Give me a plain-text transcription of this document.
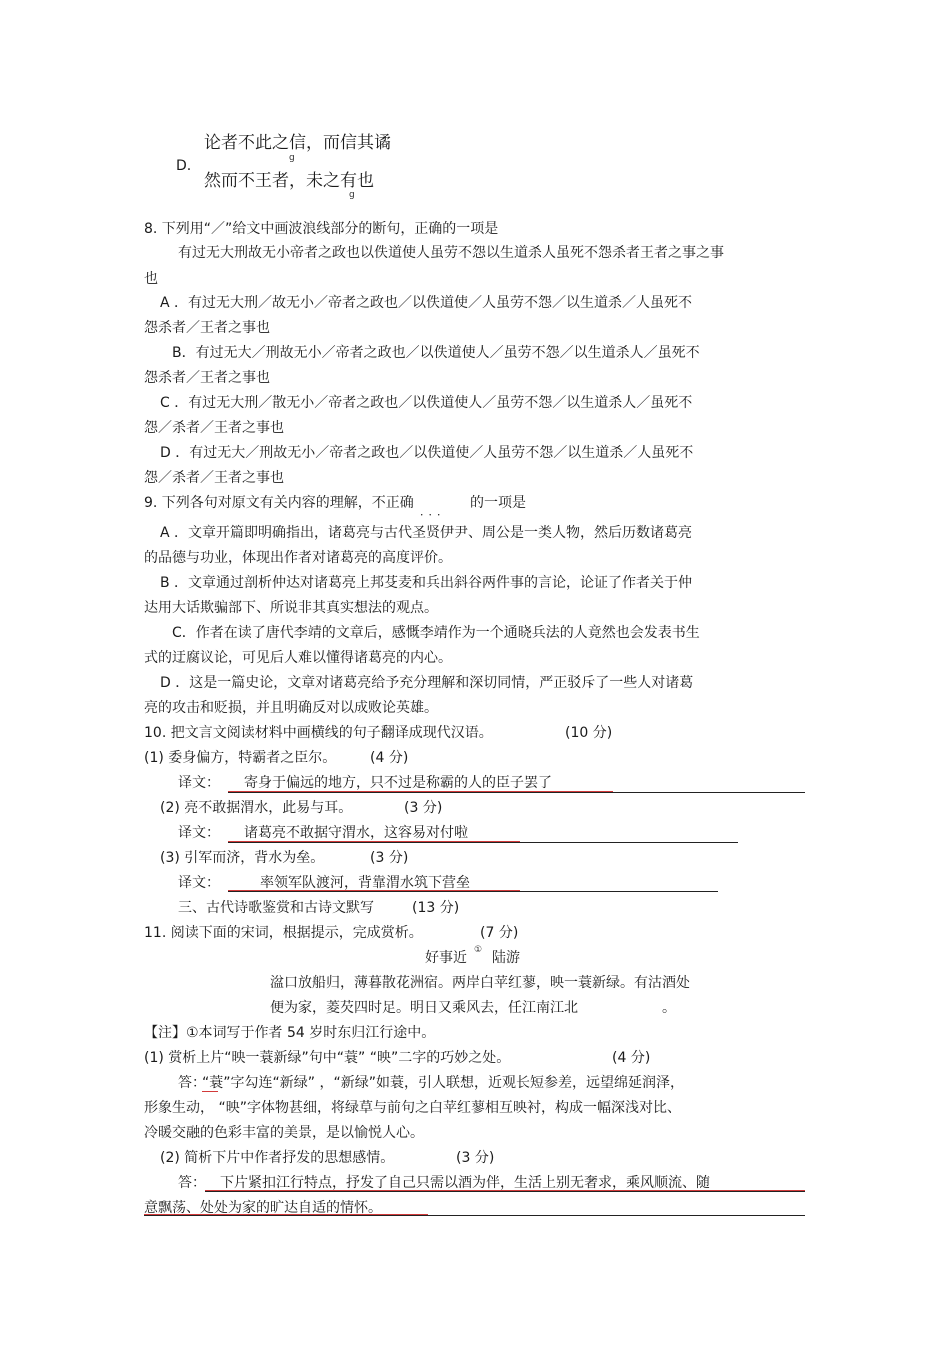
论者不此之信，而信其谲
g
D.
然而不王者，未之有也
g
8. 下列用“／”给文中画波浪线部分的断句，正确的一项是
有过无大刑故无小帝者之政也以佚道使人虽劳不怨以生道杀人虽死不怨杀者王者之事之事
也
A ．有过无大刑／故无小／帝者之政也／以佚道使／人虽劳不怨／以生道杀／人虽死不
怨杀者／王者之事也
B．有过无大／刑故无小／帝者之政也／以佚道使人／虽劳不怨／以生道杀人／虽死不
怨杀者／王者之事也
C ．有过无大刑／散无小／帝者之政也／以佚道使人／虽劳不怨／以生道杀人／虽死不
怨／杀者／王者之事也
D ．有过无大／刑故无小／帝者之政也／以佚道使／人虽劳不怨／以生道杀／人虽死不
怨／杀者／王者之事也
9. 下列各句对原文有关内容的理解，不正确	的一项是
．．．
A ．文章开篇即明确指出，诸葛亮与古代圣贤伊尹、周公是一类人物，然后历数诸葛亮
的品德与功业，体现出作者对诸葛亮的高度评价。
B ．文章通过剖析仲达对诸葛亮上邦芟麦和兵出斜谷两件事的言论，论证了作者关于仲
达用大话欺骗部下、所说非其真实想法的观点。
C．作者在读了唐代李靖的文章后，感慨李靖作为一个通晓兵法的人竟然也会发表书生
式的迂腐议论，可见后人难以懂得诸葛亮的内心。
D ．这是一篇史论，文章对诸葛亮给予充分理解和深切同情，严正驳斥了一些人对诸葛
亮的攻击和贬损，并且明确反对以成败论英雄。
10. 把文言文阅读材料中画横线的句子翻译成现代汉语。	(10 分)
(1) 委身偏方，特霸者之臣尔。 (4 分)
译文： 寄身于偏远的地方，只不过是称霸的人的臣子罢了
(2) 亮不敢据渭水，此易与耳。	(3 分)
译文： 诸葛亮不敢据守渭水，这容易对付啦
(3) 引军而济，背水为垒。	(3 分)
译文：	率领军队渡河，背靠渭水筑下营垒
三、古代诗歌鉴赏和古诗文默写	(13 分)
11. 阅读下面的宋词，根据提示，完成赏析。	(7 分)
好事近 ① 陆游
湓口放船归，薄暮散花洲宿。两岸白苹红蓼，映一蓑新绿。有沽酒处
便为家，菱芡四时足。明日又乘风去，任江南江北	。
【注】①本词写于作者 54 岁时东归江行途中。
(1) 赏析上片“映一蓑新绿”句中“蓑” “映”二字的巧妙之处。	(4 分)
答：
“蓑”字勾连“新绿” ，“新绿”如蓑，引人联想，近观长短参差，远望绵延润泽，
形象生动， “映”字体物甚细，将绿草与前句之白苹红蓼相互映衬，构成一幅深浅对比、
冷暖交融的色彩丰富的美景，是以愉悦人心。
(2) 简析下片中作者抒发的思想感情。	(3 分)
答： 下片紧扣江行特点，抒发了自己只需以酒为伴，生活上别无奢求，乘风顺流、随
意飘荡、处处为家的旷达自适的情怀。
